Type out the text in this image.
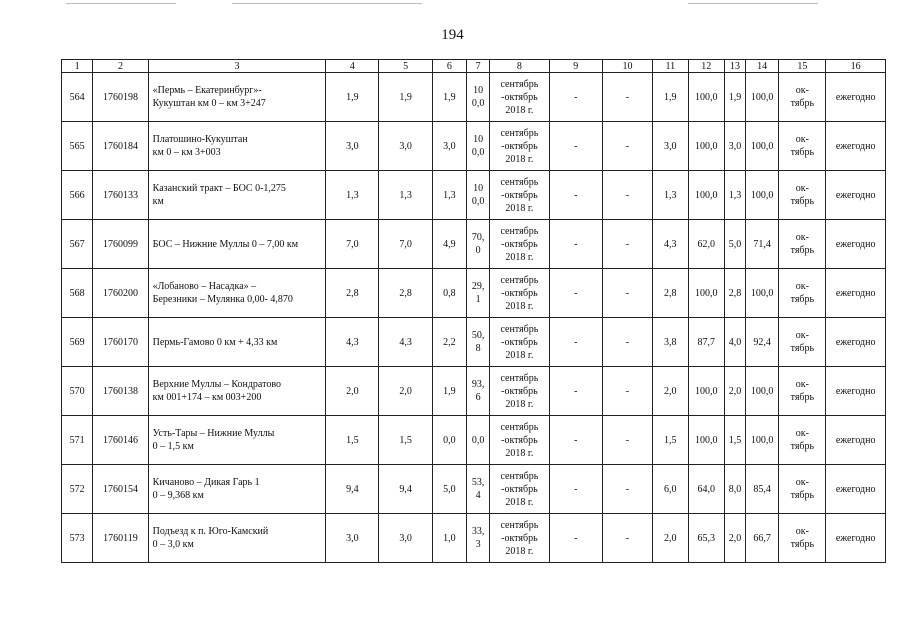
194
1	2	3	4	5	6	7	8	9	10	11	12	13	14	15	16
564	1760198	«Пермь – Екатеринбург»-
Кукуштан км 0 – км 3+247	1,9	1,9	1,9	100,0	сентябрь
-октябрь
2018 г.	-	-	1,9	100,0	1,9	100,0	ок-
тябрь	ежегодно
565	1760184	Платошино-Кукуштан
км 0 – км 3+003	3,0	3,0	3,0	100,0	сентябрь
-октябрь
2018 г.	-	-	3,0	100,0	3,0	100,0	ок-
тябрь	ежегодно
566	1760133	Казанский тракт – БОС 0-1,275
км	1,3	1,3	1,3	100,0	сентябрь
-октябрь
2018 г.	-	-	1,3	100,0	1,3	100,0	ок-
тябрь	ежегодно
567	1760099	БОС – Нижние Муллы 0 – 7,00 км	7,0	7,0	4,9	70,0	сентябрь
-октябрь
2018 г.	-	-	4,3	62,0	5,0	71,4	ок-
тябрь	ежегодно
568	1760200	«Лобаново – Насадка» –
Березники – Мулянка 0,00- 4,870	2,8	2,8	0,8	29,1	сентябрь
-октябрь
2018 г.	-	-	2,8	100,0	2,8	100,0	ок-
тябрь	ежегодно
569	1760170	Пермь-Гамово 0 км + 4,33 км	4,3	4,3	2,2	50,8	сентябрь
-октябрь
2018 г.	-	-	3,8	87,7	4,0	92,4	ок-
тябрь	ежегодно
570	1760138	Верхние Муллы – Кондратово
км 001+174 – км 003+200	2,0	2,0	1,9	93,6	сентябрь
-октябрь
2018 г.	-	-	2,0	100,0	2,0	100,0	ок-
тябрь	ежегодно
571	1760146	Усть-Тары – Нижние Муллы
0 – 1,5 км	1,5	1,5	0,0	0,0	сентябрь
-октябрь
2018 г.	-	-	1,5	100,0	1,5	100,0	ок-
тябрь	ежегодно
572	1760154	Кичаново – Дикая Гарь 1
0 – 9,368 км	9,4	9,4	5,0	53,4	сентябрь
-октябрь
2018 г.	-	-	6,0	64,0	8,0	85,4	ок-
тябрь	ежегодно
573	1760119	Подъезд к п. Юго-Камский
0 – 3,0 км	3,0	3,0	1,0	33,3	сентябрь
-октябрь
2018 г.	-	-	2,0	65,3	2,0	66,7	ок-
тябрь	ежегодно
